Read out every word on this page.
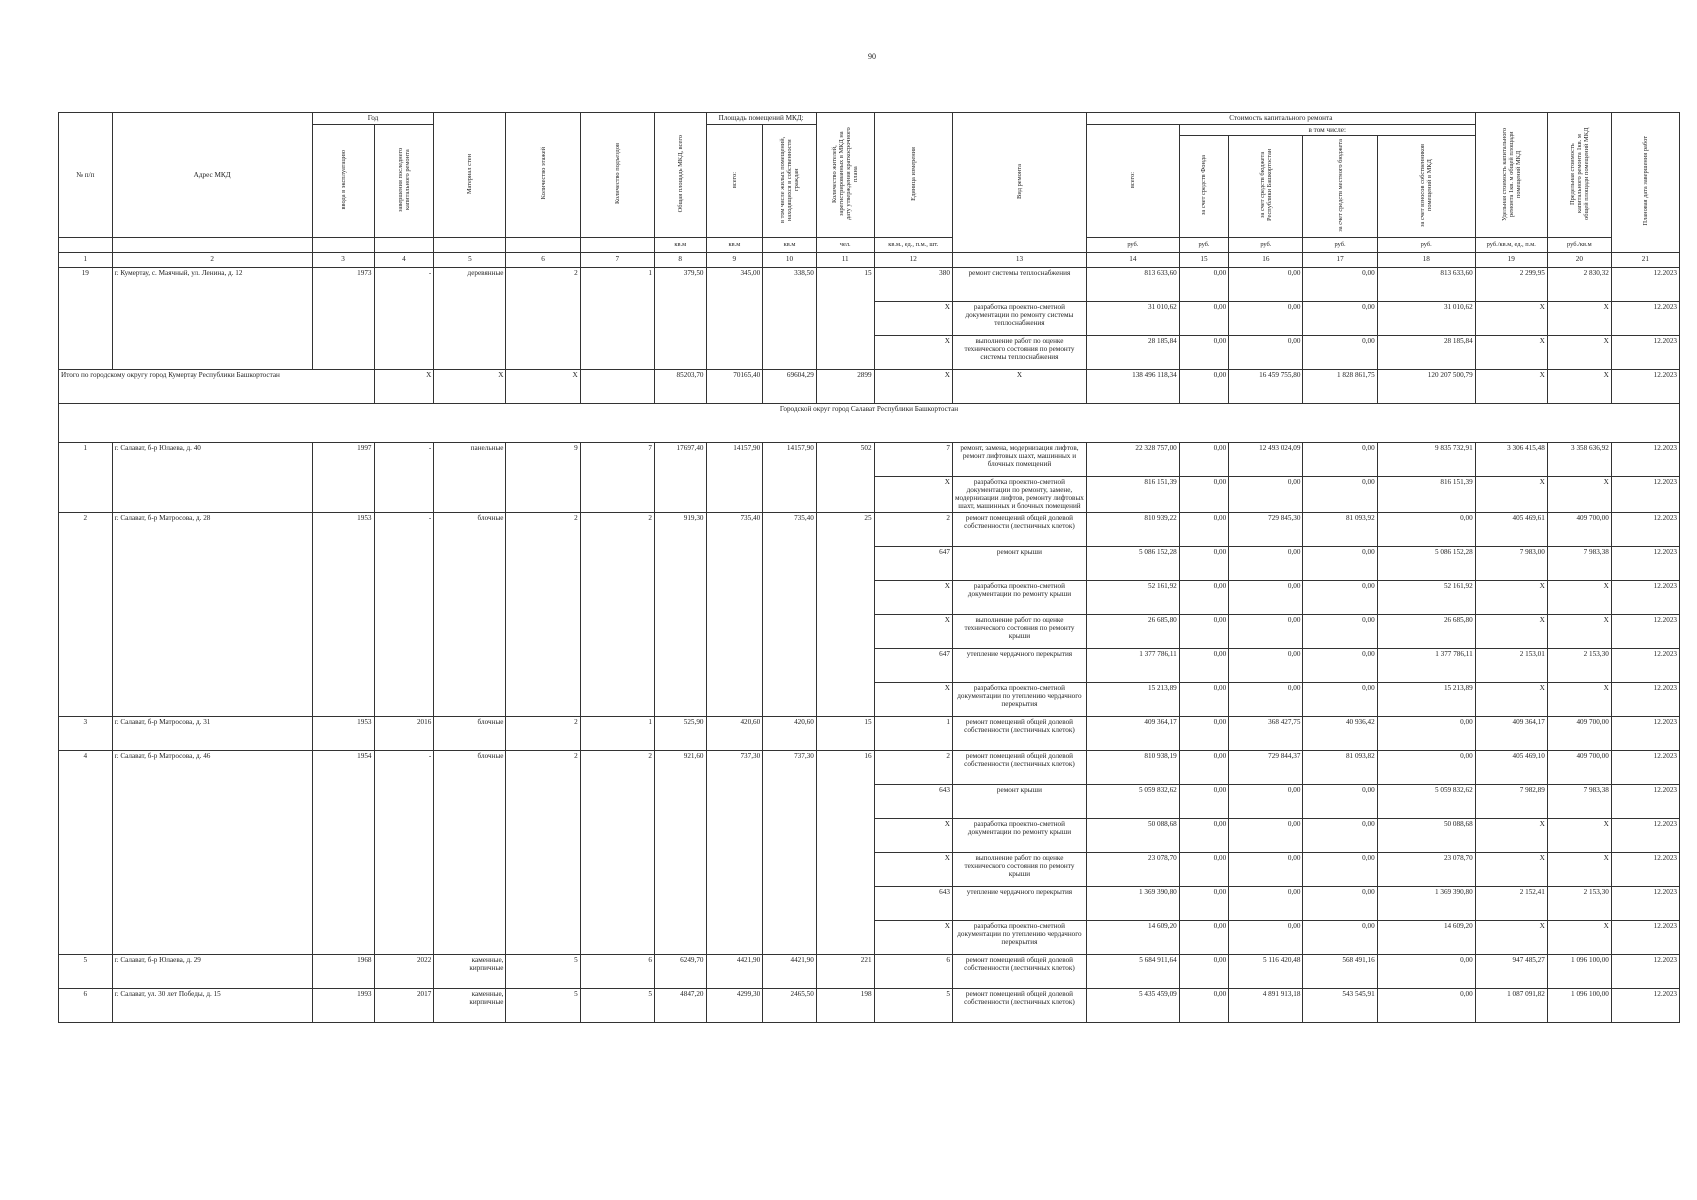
90
№ п/п	Адрес МКД	Год		Материал стен	Количество этажей	Количество подъездов	Общая площадь МКД, всего	Площадь помещений МКД:		Количество жителей, зарегистрированных в МКД на дату утверждения краткосрочного плана	Единица измерения	Вид ремонта	Стоимость капитального ремонта					Удельная стоимость капитального ремонта 1кв. м общей площади помещений МКД	Предельная стоимость капитального ремонта 1кв. м общей площади помещений МКД	Плановая дата завершения работ
		ввода в эксплуатацию	завершения последнего капитального ремонта					всего:	в том числе жилых помещений, находящихся в собственности граждан				всего:	в том числе:						
														за счет средств Фонда	за счет средств бюджета Республики Башкортостан	за счет средств местного бюджета	за счет взносов собственников помещений в МКД			
							кв.м	кв.м	кв.м	чел.	кв.м., ед., п.м., шт.		руб.	руб.	руб.	руб.	руб.	руб./кв.м, ед., п.м.	руб./кв.м	
1	2	3	4	5	6	7	8	9	10	11	12	13	14	15	16	17	18	19	20	21
19	г. Кумертау, с. Маячный, ул. Ленина, д. 12	1973	-	деревянные	2	1	379,50	345,00	338,50	15	380	ремонт системы теплоснабжения	813 633,60	0,00	0,00	0,00	813 633,60	2 299,95	2 830,32	12.2023
											X	разработка проектно-сметной документации по ремонту системы теплоснабжения	31 010,62	0,00	0,00	0,00	31 010,62	X	X	12.2023
											X	выполнение работ по оценке технического состояния по ремонту системы теплоснабжения	28 185,84	0,00	0,00	0,00	28 185,84	X	X	12.2023
Итого по городскому округу город Кумертау Республики Башкортостан			X	X	X		85203,70	70165,40	69604,29	2899	X	X	138 496 118,34	0,00	16 459 755,80	1 828 861,75	120 207 500,79	X	X	12.2023
Городской округ город Салават Республики Башкортостан																				
1	г. Салават, б-р Юлаева, д. 40	1997	-	панельные	9	7	17697,40	14157,90	14157,90	502	7	ремонт, замена, модернизация лифтов, ремонт лифтовых шахт, машинных и блочных помещений	22 328 757,00	0,00	12 493 024,09	0,00	9 835 732,91	3 306 415,48	3 358 636,92	12.2023
											X	разработка проектно-сметной документации по ремонту, замене, модернизации лифтов, ремонту лифтовых шахт, машинных и блочных помещений	816 151,39	0,00	0,00	0,00	816 151,39	X	X	12.2023
2	г. Салават, б-р Матросова, д. 28	1953	-	блочные	2	2	919,30	735,40	735,40	25	2	ремонт помещений общей долевой собственности (лестничных клеток)	810 939,22	0,00	729 845,30	81 093,92	0,00	405 469,61	409 700,00	12.2023
											647	ремонт крыши	5 086 152,28	0,00	0,00	0,00	5 086 152,28	7 983,00	7 983,38	12.2023
											X	разработка проектно-сметной документации по ремонту крыши	52 161,92	0,00	0,00	0,00	52 161,92	X	X	12.2023
											X	выполнение работ по оценке технического состояния по ремонту крыши	26 685,80	0,00	0,00	0,00	26 685,80	X	X	12.2023
											647	утепление чердачного перекрытия	1 377 786,11	0,00	0,00	0,00	1 377 786,11	2 153,01	2 153,30	12.2023
											X	разработка проектно-сметной документации по утеплению чердачного перекрытия	15 213,89	0,00	0,00	0,00	15 213,89	X	X	12.2023
3	г. Салават, б-р Матросова, д. 31	1953	2016	блочные	2	1	525,90	420,60	420,60	15	1	ремонт помещений общей долевой собственности (лестничных клеток)	409 364,17	0,00	368 427,75	40 936,42	0,00	409 364,17	409 700,00	12.2023
4	г. Салават, б-р Матросова, д. 46	1954	-	блочные	2	2	921,60	737,30	737,30	16	2	ремонт помещений общей долевой собственности (лестничных клеток)	810 938,19	0,00	729 844,37	81 093,82	0,00	405 469,10	409 700,00	12.2023
											643	ремонт крыши	5 059 832,62	0,00	0,00	0,00	5 059 832,62	7 982,89	7 983,38	12.2023
											X	разработка проектно-сметной документации по ремонту крыши	50 088,68	0,00	0,00	0,00	50 088,68	X	X	12.2023
											X	выполнение работ по оценке технического состояния по ремонту крыши	23 078,70	0,00	0,00	0,00	23 078,70	X	X	12.2023
											643	утепление чердачного перекрытия	1 369 390,80	0,00	0,00	0,00	1 369 390,80	2 152,41	2 153,30	12.2023
											X	разработка проектно-сметной документации по утеплению чердачного перекрытия	14 609,20	0,00	0,00	0,00	14 609,20	X	X	12.2023
5	г. Салават, б-р Юлаева, д. 29	1968	2022	каменные, кирпичные	5	6	6249,70	4421,90	4421,90	221	6	ремонт помещений общей долевой собственности (лестничных клеток)	5 684 911,64	0,00	5 116 420,48	568 491,16	0,00	947 485,27	1 096 100,00	12.2023
6	г. Салават, ул. 30 лет Победы, д. 15	1993	2017	каменные, кирпичные	5	5	4847,20	4299,30	2465,50	198	5	ремонт помещений общей долевой собственности (лестничных клеток)	5 435 459,09	0,00	4 891 913,18	543 545,91	0,00	1 087 091,82	1 096 100,00	12.2023
